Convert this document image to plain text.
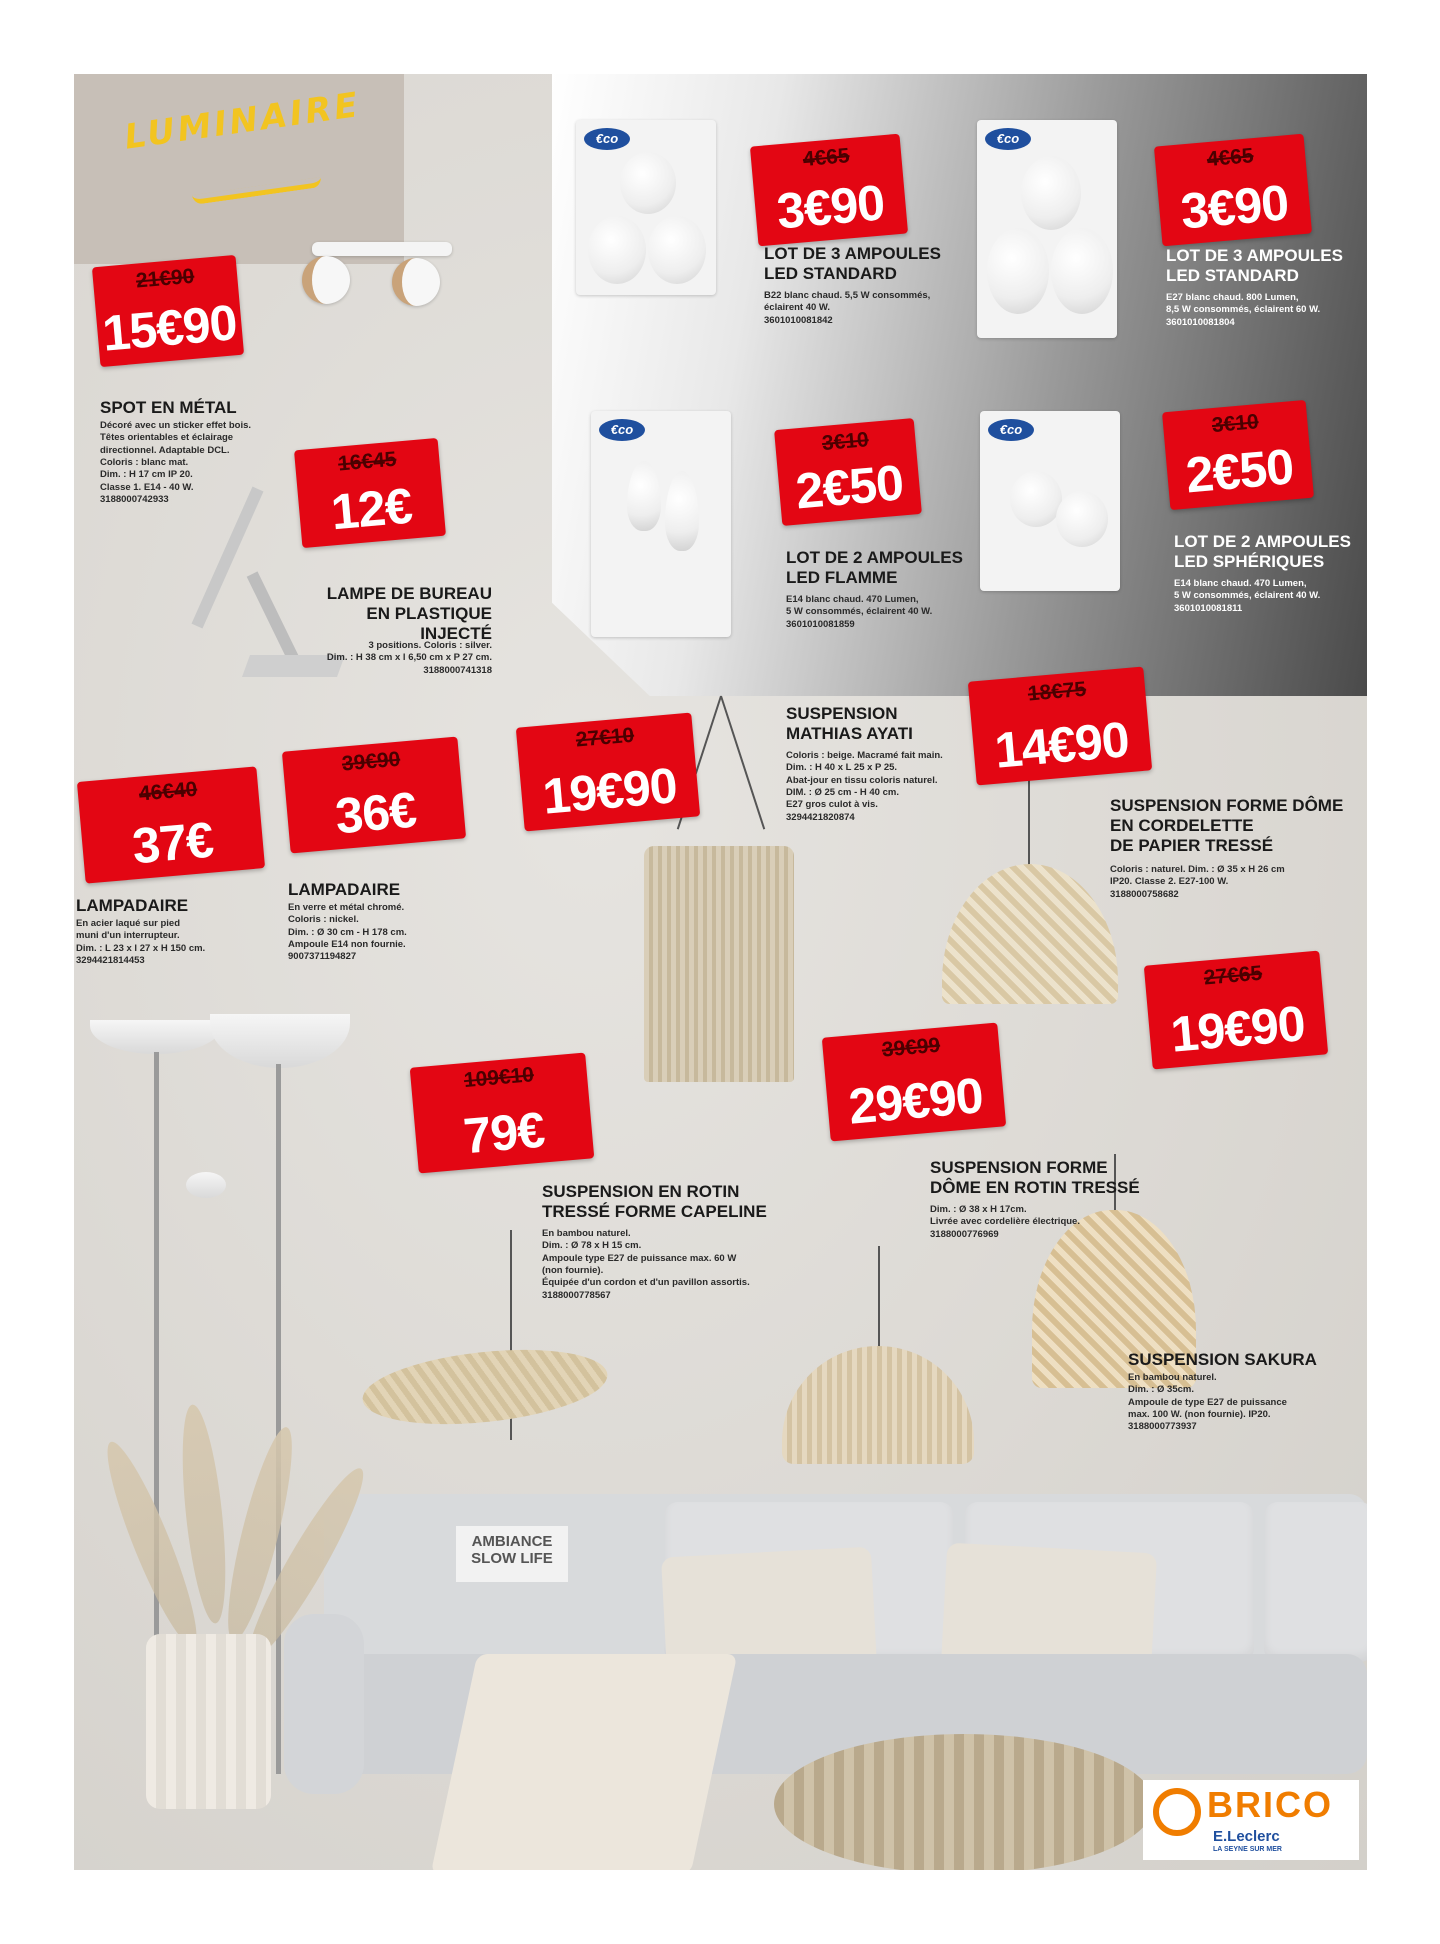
LUMINAIRE	€co	€co
€co	€co
AMBIANCE
SLOW LIFE
21€90
15€90
16€45
12€
4€65
3€90
4€65
3€90
3€10
2€50
3€10
2€50
46€40
37€
39€90
36€
27€10
19€90
18€75
14€90
109€10
79€
39€99
29€90
27€65
19€90
SPOT EN MÉTAL
Décoré avec un sticker effet bois.
Têtes orientables et éclairage
directionnel. Adaptable DCL.
Coloris : blanc mat.
Dim. : H 17 cm IP 20.
Classe 1. E14 - 40 W.
3188000742933
LAMPE DE BUREAU
EN PLASTIQUE INJECTÉ
3 positions. Coloris : silver.
Dim. : H 38 cm x l 6,50 cm x P 27 cm.
3188000741318
LOT DE 3 AMPOULES
LED STANDARD
B22 blanc chaud. 5,5 W consommés,
éclairent 40 W.
3601010081842
LOT DE 3 AMPOULES
LED STANDARD
E27 blanc chaud. 800 Lumen,
8,5 W consommés, éclairent 60 W.
3601010081804
LOT DE 2 AMPOULES
LED FLAMME
E14 blanc chaud. 470 Lumen,
5 W consommés, éclairent 40 W.
3601010081859
LOT DE 2 AMPOULES
LED SPHÉRIQUES
E14 blanc chaud. 470 Lumen,
5 W consommés, éclairent 40 W.
3601010081811
LAMPADAIRE
En acier laqué sur pied
muni d'un interrupteur.
Dim. : L 23 x l 27 x H 150 cm.
3294421814453
LAMPADAIRE
En verre et métal chromé.
Coloris : nickel.
Dim. : Ø 30 cm - H 178 cm.
Ampoule E14 non fournie.
9007371194827
SUSPENSION
MATHIAS AYATI
Coloris : beige. Macramé fait main.
Dim. : H 40 x L 25 x P 25.
Abat-jour en tissu coloris naturel.
DIM. : Ø 25 cm - H 40 cm.
E27 gros culot à vis.
3294421820874
SUSPENSION FORME DÔME
EN CORDELETTE
DE PAPIER TRESSÉ
Coloris : naturel. Dim. : Ø 35 x H 26 cm
IP20. Classe 2. E27-100 W.
3188000758682
SUSPENSION EN ROTIN
TRESSÉ FORME CAPELINE
En bambou naturel.
Dim. : Ø 78 x H 15 cm.
Ampoule type E27 de puissance max. 60 W
(non fournie).
Équipée d'un cordon et d'un pavillon assortis.
3188000778567
SUSPENSION FORME
DÔME EN ROTIN TRESSÉ
Dim. : Ø 38 x H 17cm.
Livrée avec cordelière électrique.
3188000776969
SUSPENSION SAKURA
En bambou naturel.
Dim. : Ø 35cm.
Ampoule de type E27 de puissance
max. 100 W. (non fournie). IP20.
3188000773937
BRICO
E.Leclerc
LA SEYNE SUR MER
